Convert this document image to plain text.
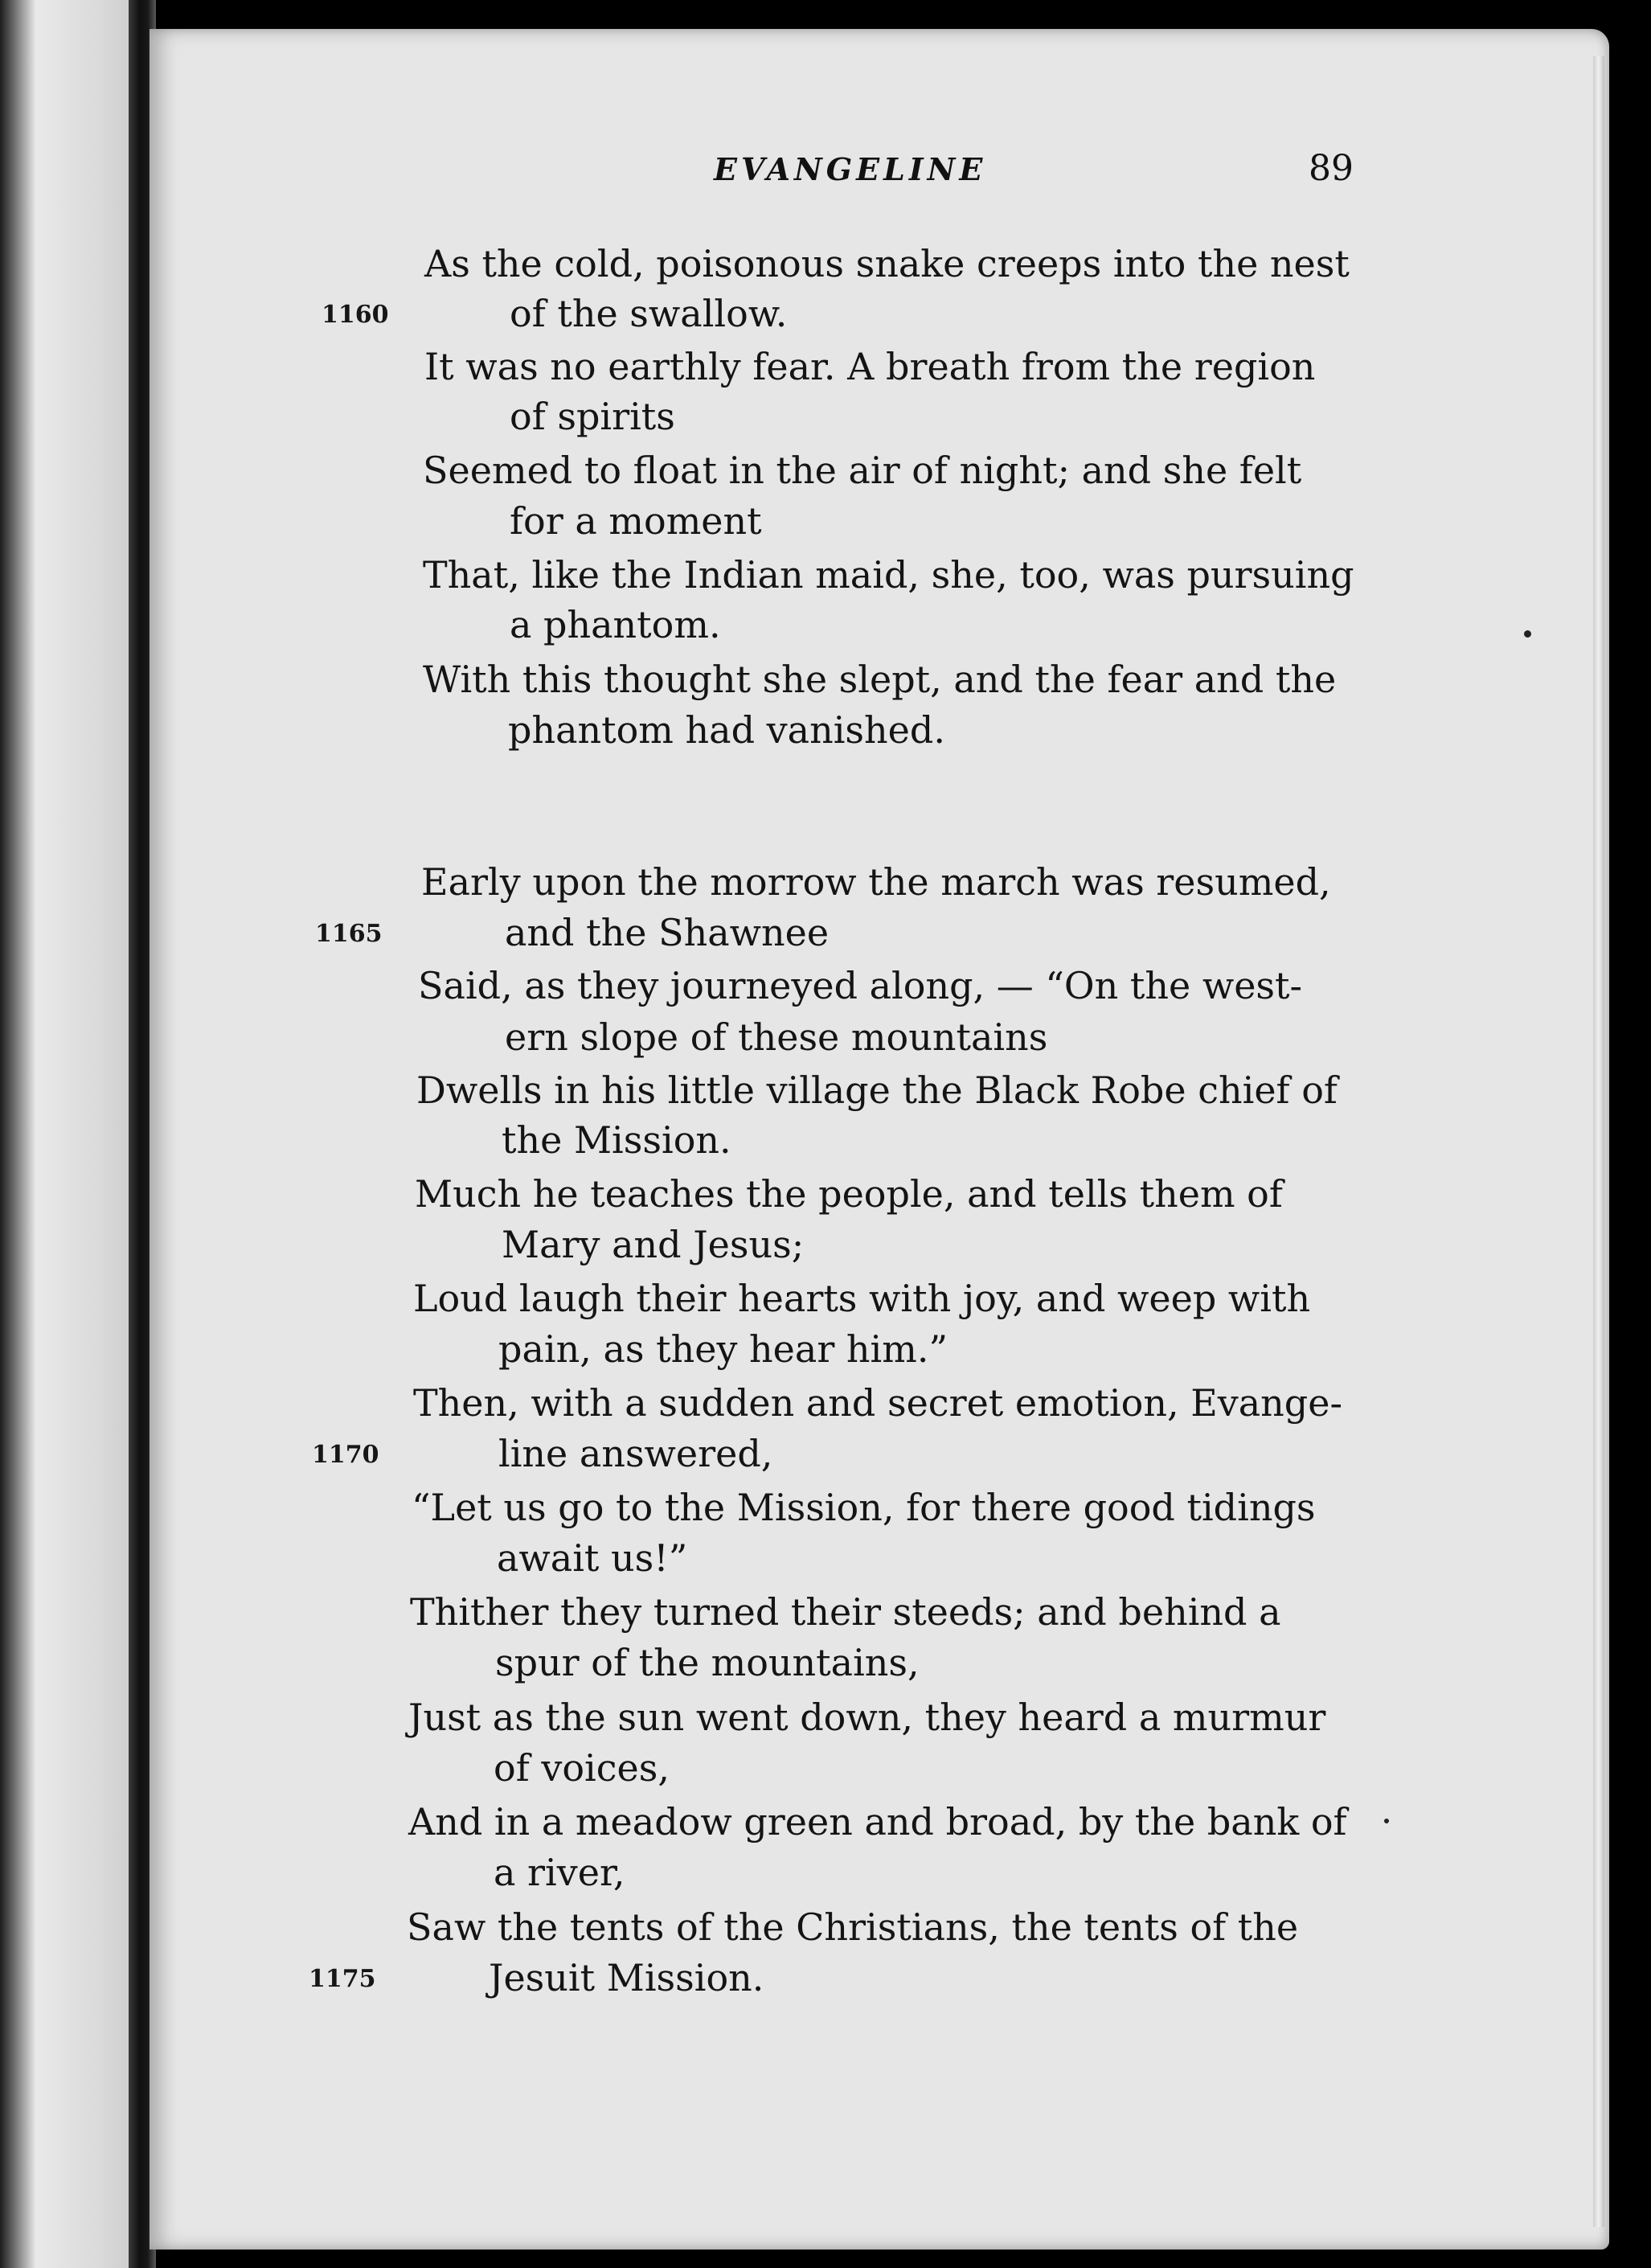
EVANGELINE	89
As the cold, poisonous snake creeps into the nest
of the swallow.
It was no earthly fear. A breath from the region
of spirits
Seemed to float in the air of night; and she felt
for a moment
That, like the Indian maid, she, too, was pursuing
a phantom.
With this thought she slept, and the fear and the
phantom had vanished.
Early upon the morrow the march was resumed,
and the Shawnee
Said, as they journeyed along, — “On the west-
ern slope of these mountains
Dwells in his little village the Black Robe chief of
the Mission.
Much he teaches the people, and tells them of
Mary and Jesus;
Loud laugh their hearts with joy, and weep with
pain, as they hear him.”
Then, with a sudden and secret emotion, Evange-
line answered,
“Let us go to the Mission, for there good tidings
await us!”
Thither they turned their steeds; and behind a
spur of the mountains,
Just as the sun went down, they heard a murmur
of voices,
And in a meadow green and broad, by the bank of
a river,
Saw the tents of the Christians, the tents of the
Jesuit Mission.
1160
1165
1170
1175
